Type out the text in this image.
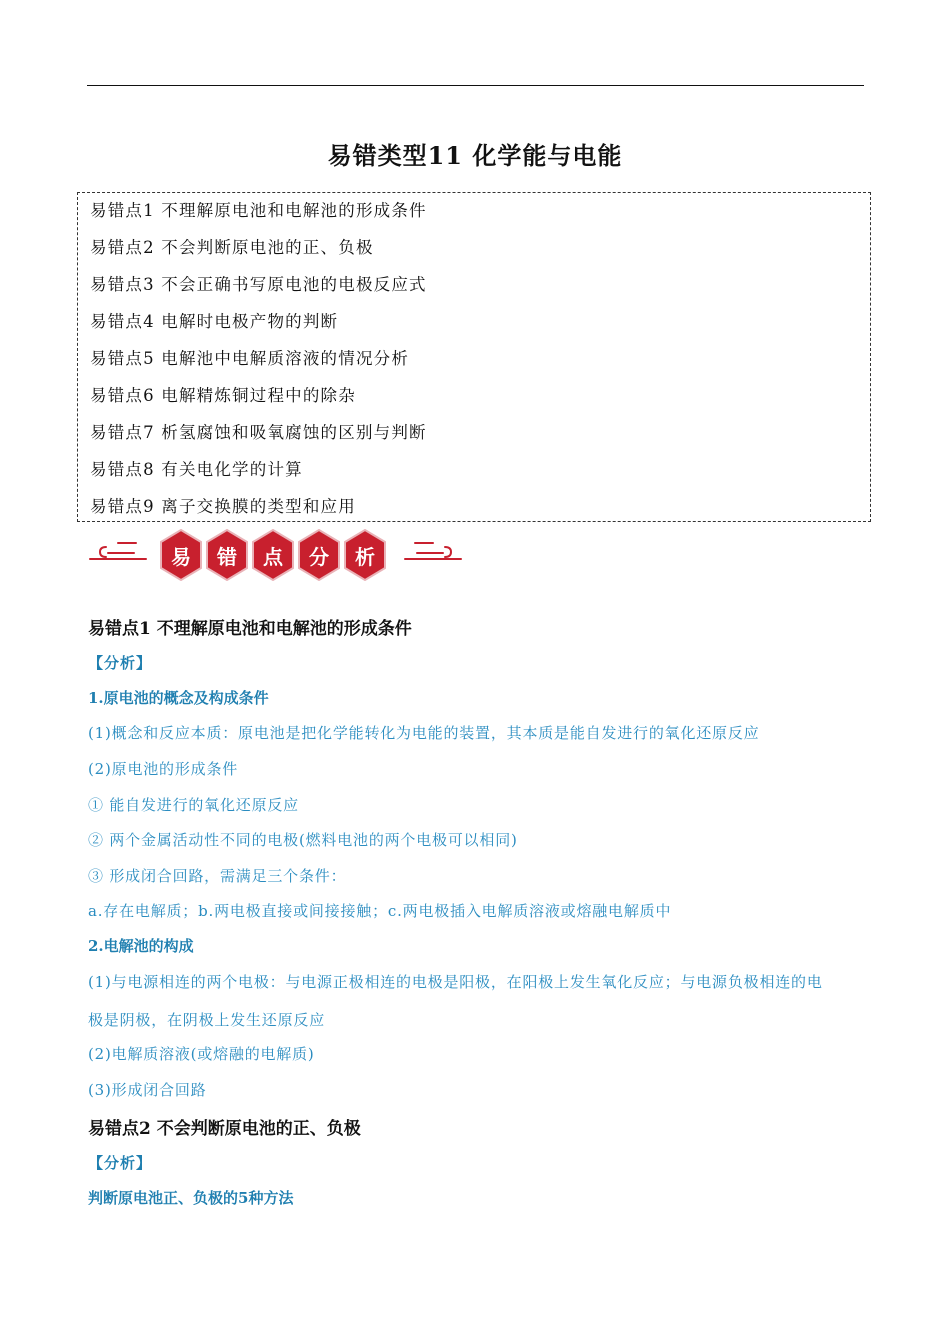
易错类型11 化学能与电能
易错点1 不理解原电池和电解池的形成条件
易错点2 不会判断原电池的正、负极
易错点3 不会正确书写原电池的电极反应式
易错点4 电解时电极产物的判断
易错点5 电解池中电解质溶液的情况分析
易错点6 电解精炼铜过程中的除杂
易错点7 析氢腐蚀和吸氧腐蚀的区别与判断
易错点8 有关电化学的计算
易错点9 离子交换膜的类型和应用
易	错	点	分	析
易错点1 不理解原电池和电解池的形成条件
【分析】
1.原电池的概念及构成条件
(1)概念和反应本质：原电池是把化学能转化为电能的装置，其本质是能自发进行的氧化还原反应
(2)原电池的形成条件
① 能自发进行的氧化还原反应
② 两个金属活动性不同的电极(燃料电池的两个电极可以相同)
③ 形成闭合回路，需满足三个条件：
a.存在电解质；b.两电极直接或间接接触；c.两电极插入电解质溶液或熔融电解质中
2.电解池的构成
(1)与电源相连的两个电极：与电源正极相连的电极是阳极，在阳极上发生氧化反应；与电源负极相连的电
极是阴极，在阴极上发生还原反应
(2)电解质溶液(或熔融的电解质)
(3)形成闭合回路
易错点2 不会判断原电池的正、负极
【分析】
判断原电池正、负极的5种方法
